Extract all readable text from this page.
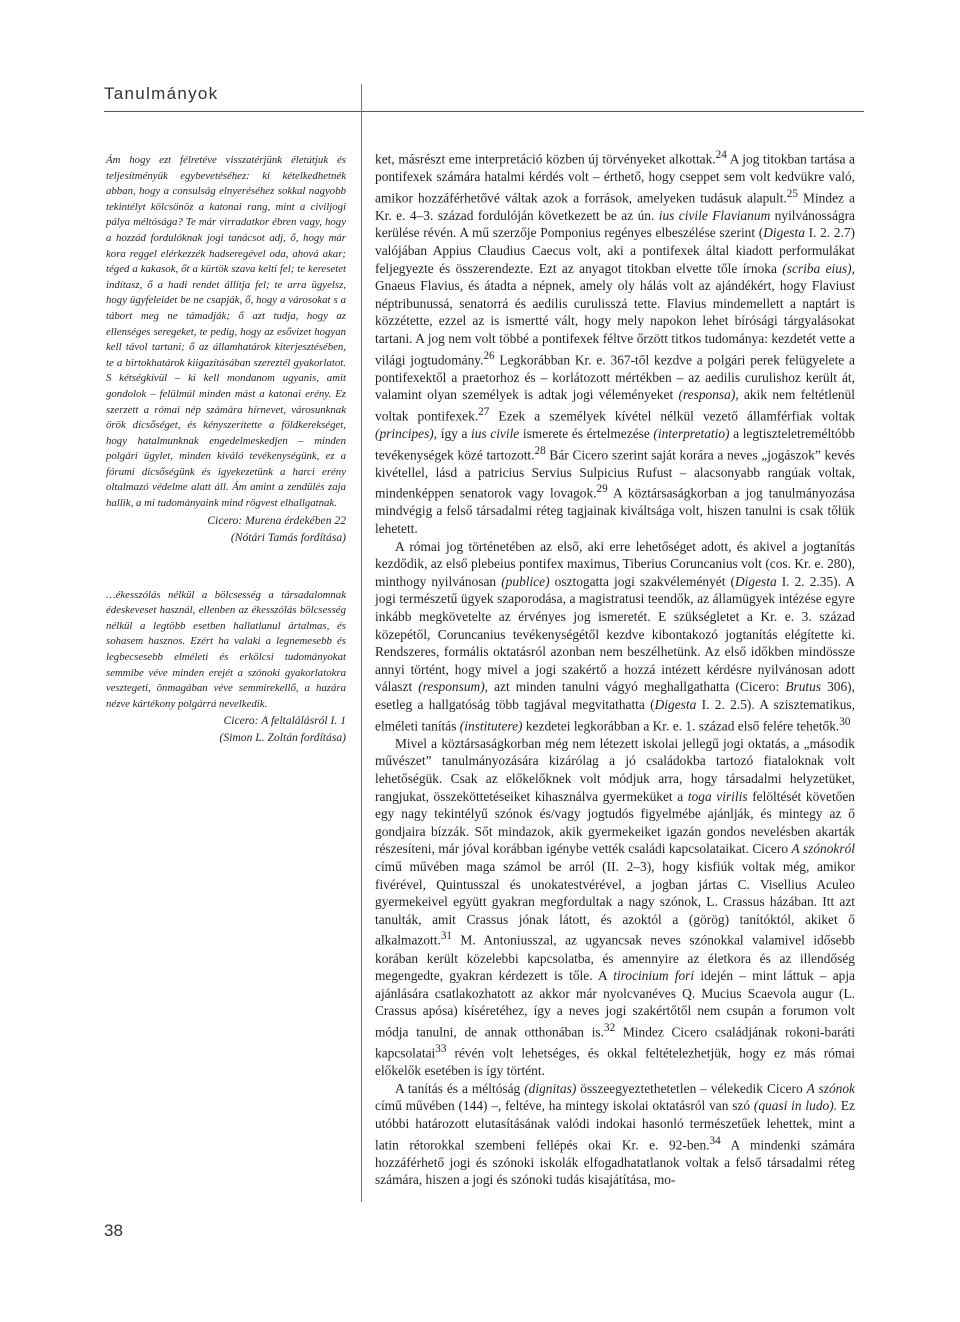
Tanulmányok

Ám hogy ezt félretéve visszatérjünk életútjuk és teljesítményük egybevetéséhez: ki kételkedhetnék abban, hogy a consulság elnyeréséhez sokkal nagyobb tekintélyt kölcsönöz a katonai rang, mint a civiljogi pálya méltósága? Te már virradatkor ébren vagy, hogy a hozzád fordulóknak jogi tanácsot adj, ő, hogy már kora reggel elérkezzék hadseregével oda, ahová akar; téged a kakasok, őt a kürtök szava kelti fel; te keresetet indítasz, ő a hadi rendet állítja fel; te arra ügyelsz, hogy ügyfeleidet be ne csapják, ő, hogy a városokat s a tábort meg ne támadják; ő azt tudja, hogy az ellenséges seregeket, te pedig, hogy az esővizet hogyan kell távol tartani; ő az államhatárok kiterjesztésében, te a birtokhatárok kiigazításában szereztél gyakorlatot. S kétségkívül – ki kell mondanom ugyanis, amit gondolok – felülmúl minden mást a katonai erény. Ez szerzett a római nép számára hírnevet, városunknak örök dicsőséget, és kényszerítette a földkerekséget, hogy hatalmunknak engedelmeskedjen – minden polgári ügylet, minden kiváló tevékenységünk, ez a fórumi dicsőségünk és igyekezetünk a harci erény oltalmazó védelme alatt áll. Ám amint a zendülés zaja hallik, a mi tudományaink mind rögvest elhallgatnak.

Cicero: Murena érdekében 22
(Nótári Tamás fordítása)

…ékesszólás nélkül a bölcsesség a társadalomnak édeskeveset használ, ellenben az ékesszólás bölcsesség nélkül a legtöbb esetben hallatlanul ártalmas, és sohasem hasznos. Ezért ha valaki a legnemesebb és legbecsesebb elméleti és erkölcsi tudományokat semmibe véve minden erejét a szónoki gyakorlatokra vesztegeti, önmagában véve semmirekellő, a hazára nézve kártékony polgárrá nevelkedik.

Cicero: A feltalálásról I. 1
(Simon L. Zoltán fordítása)

ket, másrészt eme interpretáció közben új törvényeket alkottak.$^{24}$ A jog titokban tartása a pontifexek számára hatalmi kérdés volt – érthető, hogy cseppet sem volt kedvükre való, amikor hozzáférhetővé váltak azok a források, amelyeken tudásuk alapult.$^{25}$ Mindez a Kr. e. 4–3. század fordulóján következett be az ún. ius civile Flavianum nyilvánosságra kerülése révén. A mű szerzője Pomponius regényes elbeszélése szerint (Digesta I. 2. 2.7) valójában Appius Claudius Caecus volt, aki a pontifexek által kiadott performulákat feljegyezte és összerendezte. Ezt az anyagot titokban elvette tőle írnoka (scriba eius), Gnaeus Flavius, és átadta a népnek, amely oly hálás volt az ajándékért, hogy Flaviust néptribunussá, senatorrá és aedilis curulisszá tette. Flavius mindemellett a naptárt is közzétette, ezzel az is ismertté vált, hogy mely napokon lehet bírósági tárgyalásokat tartani. A jog nem volt többé a pontifexek féltve őrzött titkos tudománya: kezdetét vette a világi jogtudomány.$^{26}$ Legkorábban Kr. e. 367-től kezdve a polgári perek felügyelete a pontifexektől a praetorhoz és – korlátozott mértékben – az aedilis curulishoz került át, valamint olyan személyek is adtak jogi véleményeket (responsa), akik nem feltétlenül voltak pontifexek.$^{27}$ Ezek a személyek kívétel nélkül vezető államférfiak voltak (principes), így a ius civile ismerete és értelmezése (interpretatio) a legtiszteletreméltóbb tevékenységek közé tartozott.$^{28}$ Bár Cicero szerint saját korára a neves „jogászok” kevés kivétellel, lásd a patricius Servius Sulpicius Rufust – alacsonyabb rangúak voltak, mindenképpen senatorok vagy lovagok.$^{29}$ A köztársaságkorban a jog tanulmányozása mindvégig a felső társadalmi réteg tagjainak kiváltsága volt, hiszen tanulni is csak tőlük lehetett.

A római jog történetében az első, aki erre lehetőséget adott, és akivel a jogtanítás kezdődik, az első plebeius pontifex maximus, Tiberius Coruncanius volt (cos. Kr. e. 280), minthogy nyilvánosan (publice) osztogatta jogi szakvéleményét (Digesta I. 2. 2.35). A jogi természetű ügyek szaporodása, a magistratusi teendők, az államügyek intézése egyre inkább megkövetelte az érvényes jog ismeretét. E szükségletet a Kr. e. 3. század közepétől, Coruncanius tevékenységétől kezdve kibontakozó jogtanítás elégítette ki. Rendszeres, formális oktatásról azonban nem beszélhetünk. Az első időkben mindössze annyi történt, hogy mivel a jogi szakértő a hozzá intézett kérdésre nyilvánosan adott választ (responsum), azt minden tanulni vágyó meghallgathatta (Cicero: Brutus 306), esetleg a hallgatóság több tagjával megvitathatta (Digesta I. 2. 2.5). A szisztematikus, elméleti tanítás (institutere) kezdetei legkorábban a Kr. e. 1. század első felére tehetők.$^{30}$

Mivel a köztársaságkorban még nem létezett iskolai jellegű jogi oktatás, a „második művészet” tanulmányozására kizárólag a jó családokba tartozó fiataloknak volt lehetőségük. Csak az előkelőknek volt módjuk arra, hogy társadalmi helyzetüket, rangjukat, összeköttetéseiket kihasználva gyermeküket a toga virilis felöltését követően egy nagy tekintélyű szónok és/vagy jogtudós figyelmébe ajánlják, és mintegy az ő gondjaira bízzák. Sőt mindazok, akik gyermekeiket igazán gondos nevelésben akarták részesíteni, már jóval korábban igénybe vették családi kapcsolataikat. Cicero A szónokról című művében maga számol be arról (II. 2–3), hogy kisfiúk voltak még, amikor fivérével, Quintusszal és unokatestvérével, a jogban jártas C. Visellius Aculeo gyermekeivel együtt gyakran megfordultak a nagy szónok, L. Crassus házában. Itt azt tanulták, amit Crassus jónak látott, és azoktól a (görög) tanítóktól, akiket ő alkalmazott.$^{31}$ M. Antoniusszal, az ugyancsak neves szónokkal valamivel idősebb korában került közelebbi kapcsolatba, és amennyire az életkora és az illendőség megengedte, gyakran kérdezett is tőle. A tirocinium fori idején – mint láttuk – apja ajánlására csatlakozhatott az akkor már nyolcvanéves Q. Mucius Scaevola augur (L. Crassus apósa) kíséretéhez, így a neves jogi szakértőtől nem csupán a forumon volt módja tanulni, de annak otthonában is.$^{32}$ Mindez Cicero családjának rokoni-baráti kapcsolatai$^{33}$ révén volt lehetséges, és okkal feltételezhetjük, hogy ez más római előkelők esetében is így történt.

A tanítás és a méltóság (dignitas) összeegyeztethetetlen – vélekedik Cicero A szónok című művében (144) –, feltéve, ha mintegy iskolai oktatásról van szó (quasi in ludo). Ez utóbbi határozott elutasításának valódi indokai hasonló természetűek lehettek, mint a latin rétorokkal szembeni fellépés okai Kr. e. 92-ben.$^{34}$ A mindenki számára hozzáférhető jogi és szónoki iskolák elfogadhatatlanok voltak a felső társadalmi réteg számára, hiszen a jogi és szónoki tudás kisajátítása, mo-

38
